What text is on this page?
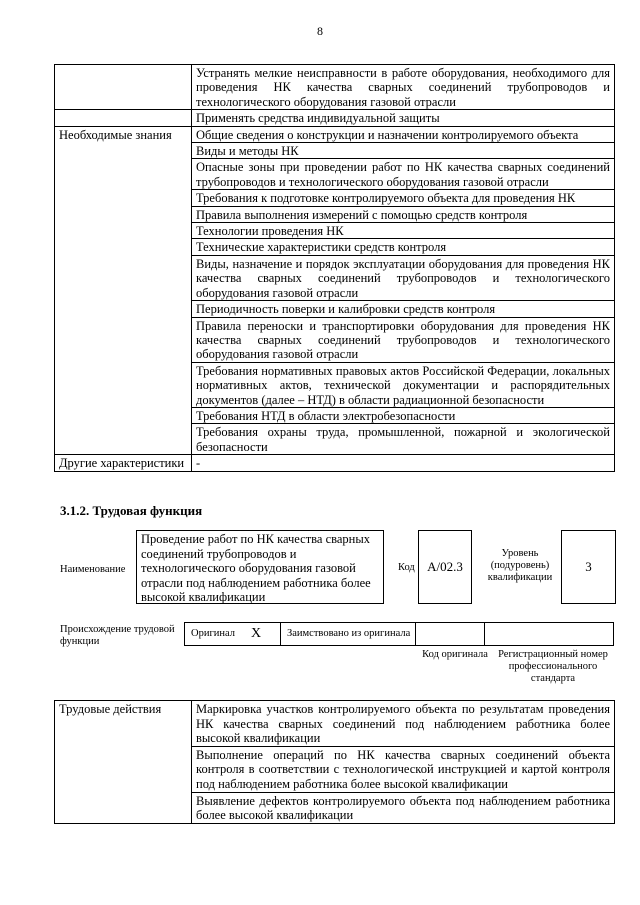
8
	Устранять мелкие неисправности в работе оборудования, необходимого для проведения НК качества сварных соединений трубопроводов и технологического оборудования газовой отрасли
	Применять средства индивидуальной защиты
Необходимые знания	Общие сведения о конструкции и назначении контролируемого объекта
	Виды и методы НК
	Опасные зоны при проведении работ по НК качества сварных соединений трубопроводов и технологического оборудования газовой отрасли
	Требования к подготовке контролируемого объекта для проведения НК
	Правила выполнения измерений с помощью средств контроля
	Технологии проведения НК
	Технические характеристики средств контроля
	Виды, назначение и порядок эксплуатации оборудования для проведения НК качества сварных соединений трубопроводов и технологического оборудования газовой отрасли
	Периодичность поверки и калибровки средств контроля
	Правила переноски и транспортировки оборудования для проведения НК качества сварных соединений трубопроводов и технологического оборудования газовой отрасли
	Требования нормативных правовых актов Российской Федерации, локальных нормативных актов, технической документации и распорядительных документов (далее – НТД) в области радиационной безопасности
	Требования НТД в области электробезопасности
	Требования охраны труда, промышленной, пожарной и экологической безопасности
Другие характеристики	-
3.1.2. Трудовая функция
Наименование
Проведение работ по НК качества сварных соединений трубопроводов и технологического оборудования газовой отрасли под наблюдением работника более высокой квалификации
Код A/02.3
Уровень (подуровень) квалификации
3
Происхождение трудовой функции
Оригинал X Заимствовано из оригинала
Код оригинала Регистрационный номер профессионального стандарта
Трудовые действия	Маркировка участков контролируемого объекта по результатам проведения НК качества сварных соединений под наблюдением работника более высокой квалификации
Выполнение операций по НК качества сварных соединений объекта контроля в соответствии с технологической инструкцией и картой контроля под наблюдением работника более высокой квалификации
Выявление дефектов контролируемого объекта под наблюдением работника более высокой квалификации
